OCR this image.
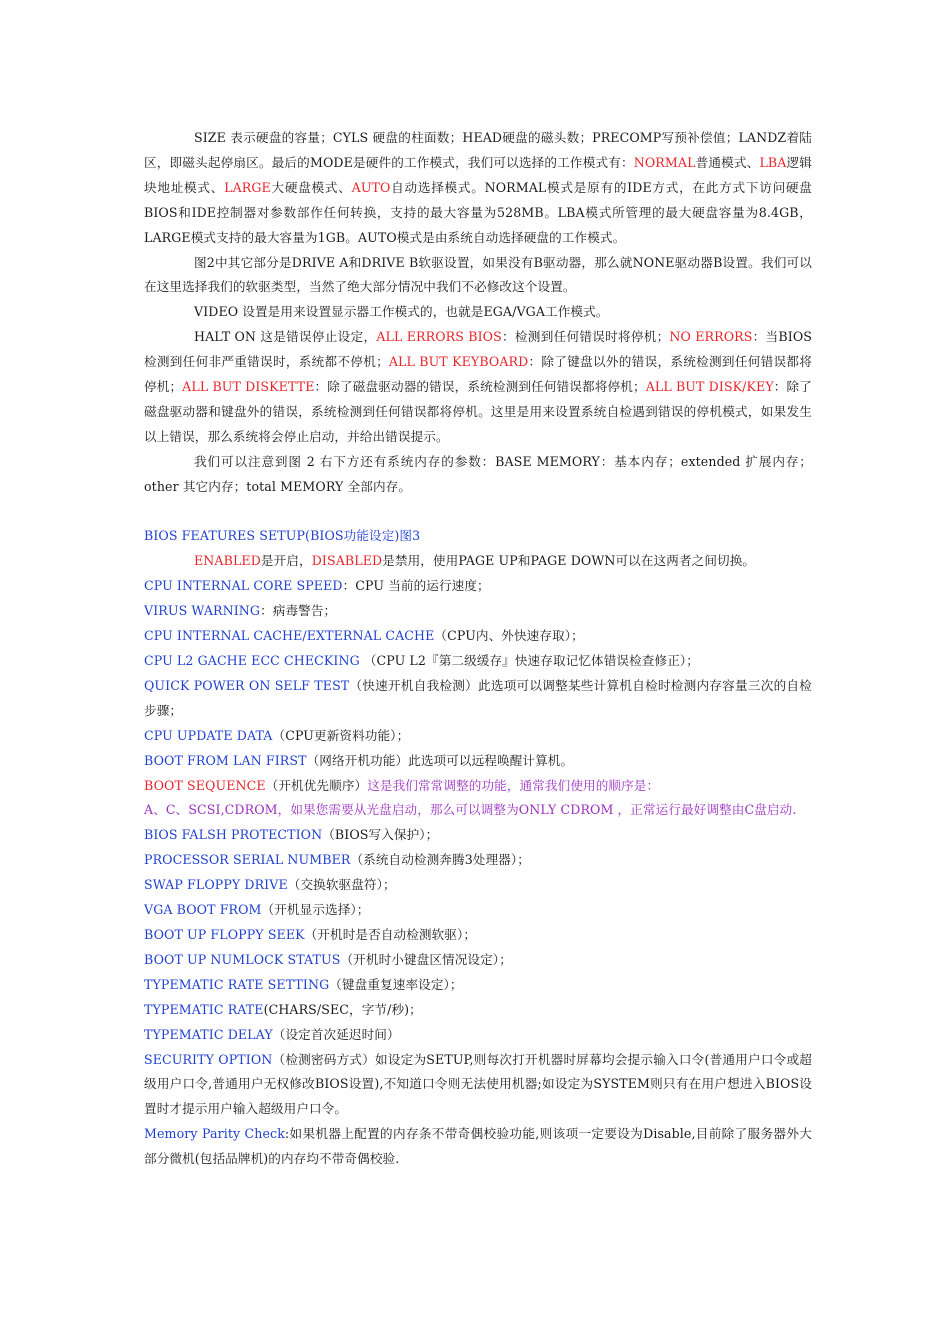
SIZE 表示硬盘的容量；CYLS 硬盘的柱面数；HEAD硬盘的磁头数；PRECOMP写预补偿值；LANDZ着陆区，即磁头起停扇区。最后的MODE是硬件的工作模式，我们可以选择的工作模式有：NORMAL普通模式、LBA逻辑块地址模式、LARGE大硬盘模式、AUTO自动选择模式。NORMAL模式是原有的IDE方式，在此方式下访问硬盘BIOS和IDE控制器对参数部作任何转换，支持的最大容量为528MB。LBA模式所管理的最大硬盘容量为8.4GB，LARGE模式支持的最大容量为1GB。AUTO模式是由系统自动选择硬盘的工作模式。

图2中其它部分是DRIVE A和DRIVE B软驱设置，如果没有B驱动器，那么就NONE驱动器B设置。我们可以在这里选择我们的软驱类型，当然了绝大部分情况中我们不必修改这个设置。

VIDEO 设置是用来设置显示器工作模式的，也就是EGA/VGA工作模式。

HALT ON 这是错误停止设定，ALL ERRORS BIOS：检测到任何错误时将停机；NO ERRORS：当BIOS检测到任何非严重错误时，系统都不停机；ALL BUT KEYBOARD：除了键盘以外的错误，系统检测到任何错误都将停机；ALL BUT DISKETTE：除了磁盘驱动器的错误，系统检测到任何错误都将停机；ALL BUT DISK/KEY：除了磁盘驱动器和键盘外的错误，系统检测到任何错误都将停机。这里是用来设置系统自检遇到错误的停机模式，如果发生以上错误，那么系统将会停止启动，并给出错误提示。

我们可以注意到图 2 右下方还有系统内存的参数：BASE MEMORY：基本内存；extended 扩展内存；other 其它内存；total MEMORY 全部内存。

BIOS FEATURES SETUP(BIOS功能设定)图3

ENABLED是开启，DISABLED是禁用，使用PAGE UP和PAGE DOWN可以在这两者之间切换。

CPU INTERNAL CORE SPEED：CPU 当前的运行速度；

VIRUS WARNING：病毒警告；

CPU INTERNAL CACHE/EXTERNAL CACHE（CPU内、外快速存取）；

CPU L2 GACHE ECC CHECKING （CPU L2『第二级缓存』快速存取记忆体错误检查修正）；

QUICK POWER ON SELF TEST（快速开机自我检测）此选项可以调整某些计算机自检时检测内存容量三次的自检步骤；

CPU UPDATE DATA（CPU更新资料功能）；

BOOT FROM LAN FIRST（网络开机功能）此选项可以远程唤醒计算机。

BOOT SEQUENCE（开机优先顺序）这是我们常常调整的功能，通常我们使用的顺序是：

A、C、SCSI,CDROM，如果您需要从光盘启动，那么可以调整为ONLY CDROM ，正常运行最好调整由C盘启动.

BIOS FALSH PROTECTION（BIOS写入保护）；

PROCESSOR SERIAL NUMBER（系统自动检测奔腾3处理器）；

SWAP FLOPPY DRIVE（交换软驱盘符）；

VGA BOOT FROM（开机显示选择）；

BOOT UP FLOPPY SEEK（开机时是否自动检测软驱）；

BOOT UP NUMLOCK STATUS（开机时小键盘区情况设定）；

TYPEMATIC RATE SETTING（键盘重复速率设定）；

TYPEMATIC RATE(CHARS/SEC，字节/秒)；

TYPEMATIC DELAY（设定首次延迟时间）

SECURITY OPTION（检测密码方式）如设定为SETUP,则每次打开机器时屏幕均会提示输入口令(普通用户口令或超级用户口令,普通用户无权修改BIOS设置),不知道口令则无法使用机器;如设定为SYSTEM则只有在用户想进入BIOS设置时才提示用户输入超级用户口令。

Memory Parity Check:如果机器上配置的内存条不带奇偶校验功能,则该项一定要设为Disable,目前除了服务器外大部分微机(包括品牌机)的内存均不带奇偶校验.
